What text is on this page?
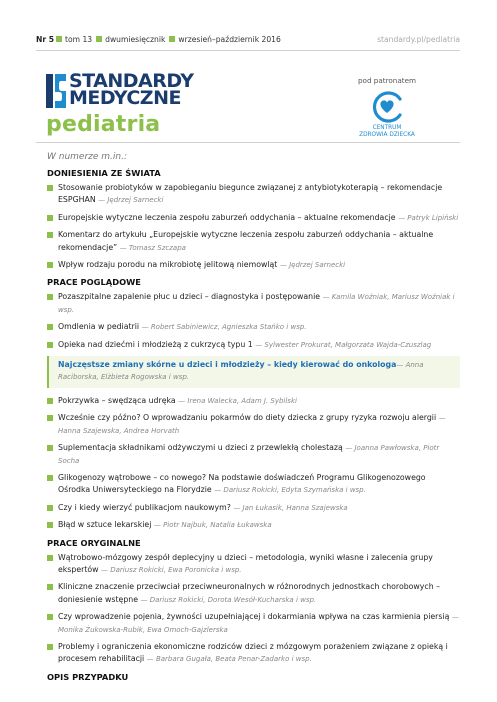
Nr 5 tom 13 dwumiesięcznik wrzesień–październik 2016	standardy.pl/pediatria
STANDARDY
MEDYCZNE
pediatria
pod patronatem
CENTRUM
ZDROWIA DZIECKA
W numerze m.in.:
DONIESIENIA ZE ŚWIATA
Stosowanie probiotyków w zapobieganiu biegunce związanej z antybiotykoterapią – rekomendacje ESPGHAN — Jędrzej Sarnecki
Europejskie wytyczne leczenia zespołu zaburzeń oddychania – aktualne rekomendacje — Patryk Lipiński
Komentarz do artykułu „Europejskie wytyczne leczenia zespołu zaburzeń oddychania – aktualne rekomendacje” — Tomasz Szczapa
Wpływ rodzaju porodu na mikrobiotę jelitową niemowląt — Jędrzej Sarnecki
PRACE POGLĄDOWE
Pozaszpitalne zapalenie płuc u dzieci – diagnostyka i postępowanie — Kamila Woźniak, Mariusz Woźniak i wsp.
Omdlenia w pediatrii — Robert Sabiniewicz, Agnieszka Stańko i wsp.
Opieka nad dziećmi i młodzieżą z cukrzycą typu 1 — Sylwester Prokurat, Małgorzata Wajda-Czuszlag
Najczęstsze zmiany skórne u dzieci i młodzieży – kiedy kierować do onkologa— Anna Raciborska, Elżbieta Rogowska i wsp.
Pokrzywka – swędząca udręka — Irena Walecka, Adam J. Sybilski
Wcześnie czy późno? O wprowadzaniu pokarmów do diety dziecka z grupy ryzyka rozwoju alergii — Hanna Szajewska, Andrea Horvath
Suplementacja składnikami odżywczymi u dzieci z przewlekłą cholestazą — Joanna Pawłowska, Piotr Socha
Glikogenozy wątrobowe – co nowego? Na podstawie doświadczeń Programu Glikogenozowego Ośrodka Uniwersyteckiego na Florydzie — Dariusz Rokicki, Edyta Szymańska i wsp.
Czy i kiedy wierzyć publikacjom naukowym? — Jan Łukasik, Hanna Szajewska
Błąd w sztuce lekarskiej — Piotr Najbuk, Natalia Łukawska
PRACE ORYGINALNE
Wątrobowo-mózgowy zespół deplecyjny u dzieci – metodologia, wyniki własne i zalecenia grupy ekspertów — Dariusz Rokicki, Ewa Poronicka i wsp.
Kliniczne znaczenie przeciwciał przeciwneuronalnych w różnorodnych jednostkach chorobowych – doniesienie wstępne — Dariusz Rokicki, Dorota Wesół-Kucharska i wsp.
Czy wprowadzenie pojenia, żywności uzupełniającej i dokarmiania wpływa na czas karmienia piersią — Monika Żukowska-Rubik, Ewa Omoch-Gajzlerska
Problemy i ograniczenia ekonomiczne rodziców dzieci z mózgowym porażeniem związane z opieką i procesem rehabilitacji — Barbara Gugała, Beata Penar-Zadarko i wsp.
OPIS PRZYPADKU
